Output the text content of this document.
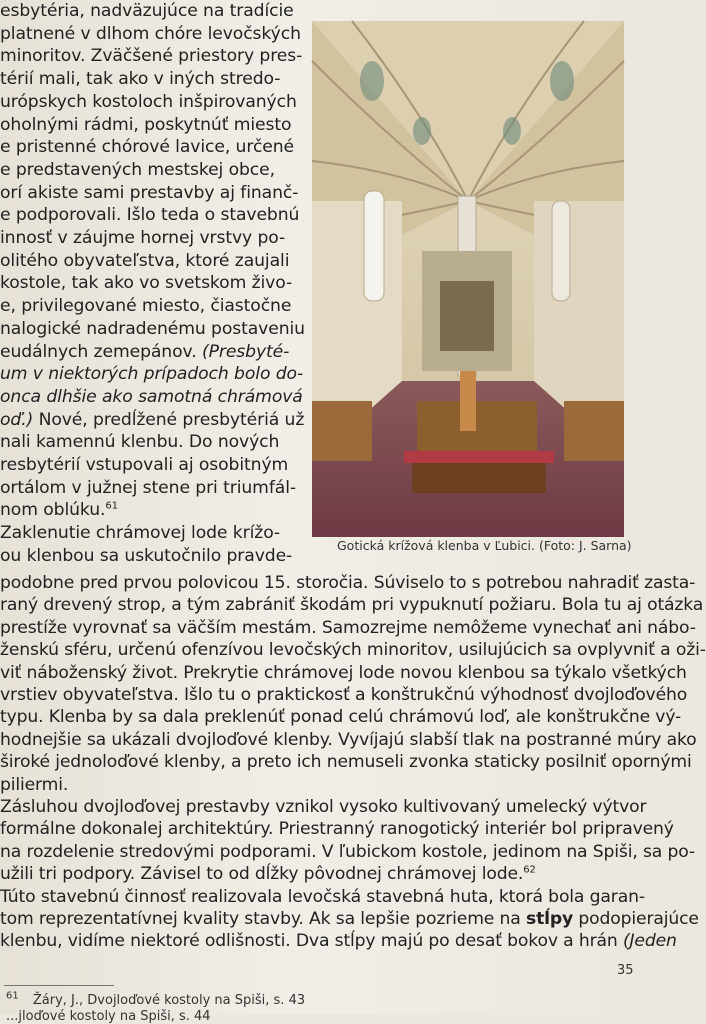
esbytéria, nadväzujúce na tradície
platnené v dlhom chóre levočských
minoritov. Zväčšené priestory pres-
térií mali, tak ako v iných stredo-
urópskych kostoloch inšpirovaných
oholnými rádmi, poskytnúť miesto
e pristenné chórové lavice, určené
e predstavených mestskej obce,
orí akiste sami prestavby aj finanč-
e podporovali. Išlo teda o stavebnú
innosť v záujme hornej vrstvy po-
olitého obyvateľstva, ktoré zaujali
kostole, tak ako vo svetskom živo-
e, privilegované miesto, čiastočne
nalogické nadradenému postaveniu
eudálnych zemepánov. (Presbyté-
um v niektorých prípadoch bolo do-
onca dlhšie ako samotná chrámová
oď.) Nové, predĺžené presbytériá už
nali kamennú klenbu. Do nových
resbytérií vstupovali aj osobitným
ortálom v južnej stene pri triumfál-
nom oblúku.$^{61}$
Zaklenutie chrámovej lode krížo-
ou klenbou sa uskutočnilo pravde-
Gotická krížová klenba v Ľubici. (Foto: J. Sarna)
podobne pred prvou polovicou 15. storočia. Súviselo to s potrebou nahradiť zasta-
raný drevený strop, a tým zabrániť škodám pri vypuknutí požiaru. Bola tu aj otázka
prestíže vyrovnať sa väčším mestám. Samozrejme nemôžeme vynechať ani nábo-
ženskú sféru, určenú ofenzívou levočských minoritov, usilujúcich sa ovplyvniť a oži-
viť náboženský život. Prekrytie chrámovej lode novou klenbou sa týkalo všetkých
vrstiev obyvateľstva. Išlo tu o praktickosť a konštrukčnú výhodnosť dvojloďového
typu. Klenba by sa dala preklenúť ponad celú chrámovú loď, ale konštrukčne vý-
hodnejšie sa ukázali dvojloďové klenby. Vyvíjajú slabší tlak na postranné múry ako
široké jednoloďové klenby, a preto ich nemuseli zvonka staticky posilniť opornými
piliermi.
Zásluhou dvojloďovej prestavby vznikol vysoko kultivovaný umelecký výtvor
formálne dokonalej architektúry. Priestranný ranogotický interiér bol pripravený
na rozdelenie stredovými podporami. V ľubickom kostole, jedinom na Spiši, sa po-
užili tri podpory. Závisel to od dĺžky pôvodnej chrámovej lode.$^{62}$
Túto stavebnú činnosť realizovala levočská stavebná huta, ktorá bola garan-
tom reprezentatívnej kvality stavby. Ak sa lepšie pozrieme na stĺpy podopierajúce
klenbu, vidíme niektoré odlišnosti. Dva stĺpy majú po desať bokov a hrán (Jeden
$^{61}$ Žáry, J., Dvojloďové kostoly na Spiši, s. 43
...jloďové kostoly na Spiši, s. 44
35
